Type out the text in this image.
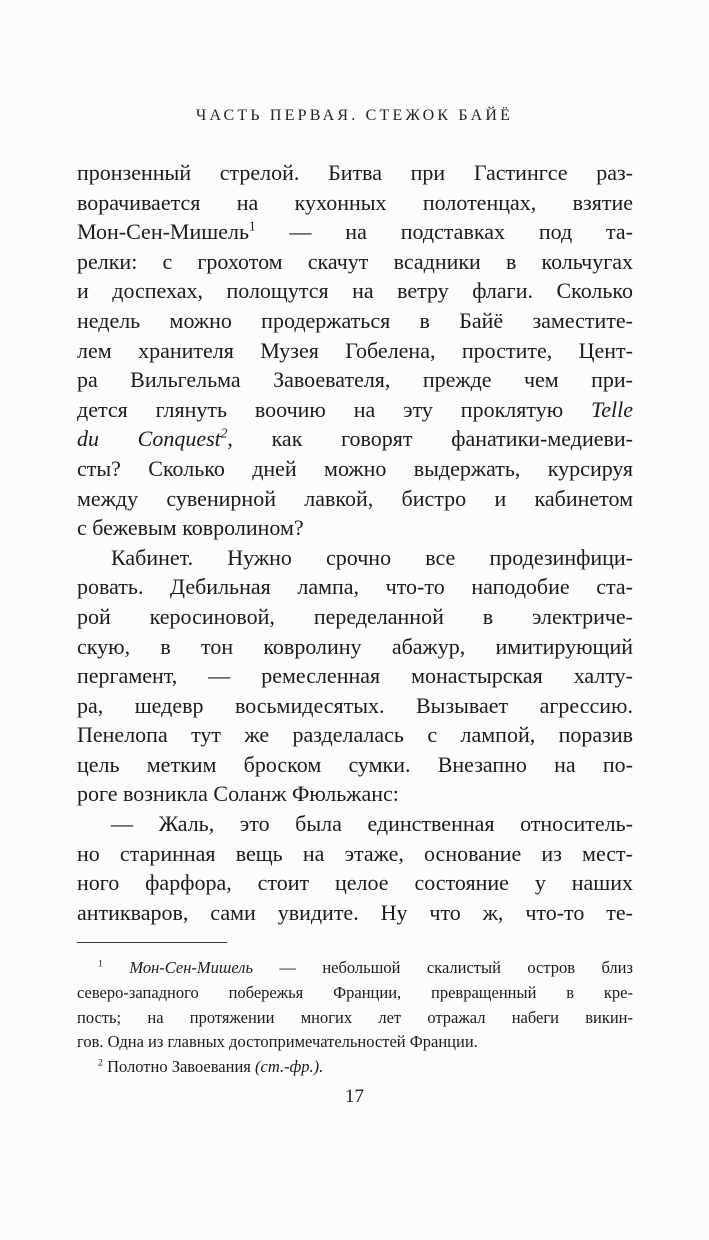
ЧАСТЬ ПЕРВАЯ. СТЕЖОК БАЙЁ
пронзенный стрелой. Битва при Гастингсе раз-
ворачивается на кухонных полотенцах, взятие
Мон-Сен-Мишель$^1$ — на подставках под та-
релки: с грохотом скачут всадники в кольчугах
и доспехах, полощутся на ветру флаги. Сколько
недель можно продержаться в Байё заместите-
лем хранителя Музея Гобелена, простите, Цент-
ра Вильгельма Завоевателя, прежде чем при-
дется глянуть воочию на эту проклятую Telle
du Conquest$^2$, как говорят фанатики-медиеви-
сты? Сколько дней можно выдержать, курсируя
между сувенирной лавкой, бистро и кабинетом
с бежевым ковролином?
Кабинет. Нужно срочно все продезинфици-
ровать. Дебильная лампа, что-то наподобие ста-
рой керосиновой, переделанной в электриче-
скую, в тон ковролину абажур, имитирующий
пергамент, — ремесленная монастырская халту-
ра, шедевр восьмидесятых. Вызывает агрессию.
Пенелопа тут же разделалась с лампой, поразив
цель метким броском сумки. Внезапно на по-
роге возникла Соланж Фюльжанс:
— Жаль, это была единственная относитель-
но старинная вещь на этаже, основание из мест-
ного фарфора, стоит целое состояние у наших
антикваров, сами увидите. Ну что ж, что-то те-
$^1$ Мон-Сен-Мишель — небольшой скалистый остров близ
северо-западного побережья Франции, превращенный в кре-
пость; на протяжении многих лет отражал набеги викин-
гов. Одна из главных достопримечательностей Франции.
$^2$ Полотно Завоевания (ст.-фр.).
17
